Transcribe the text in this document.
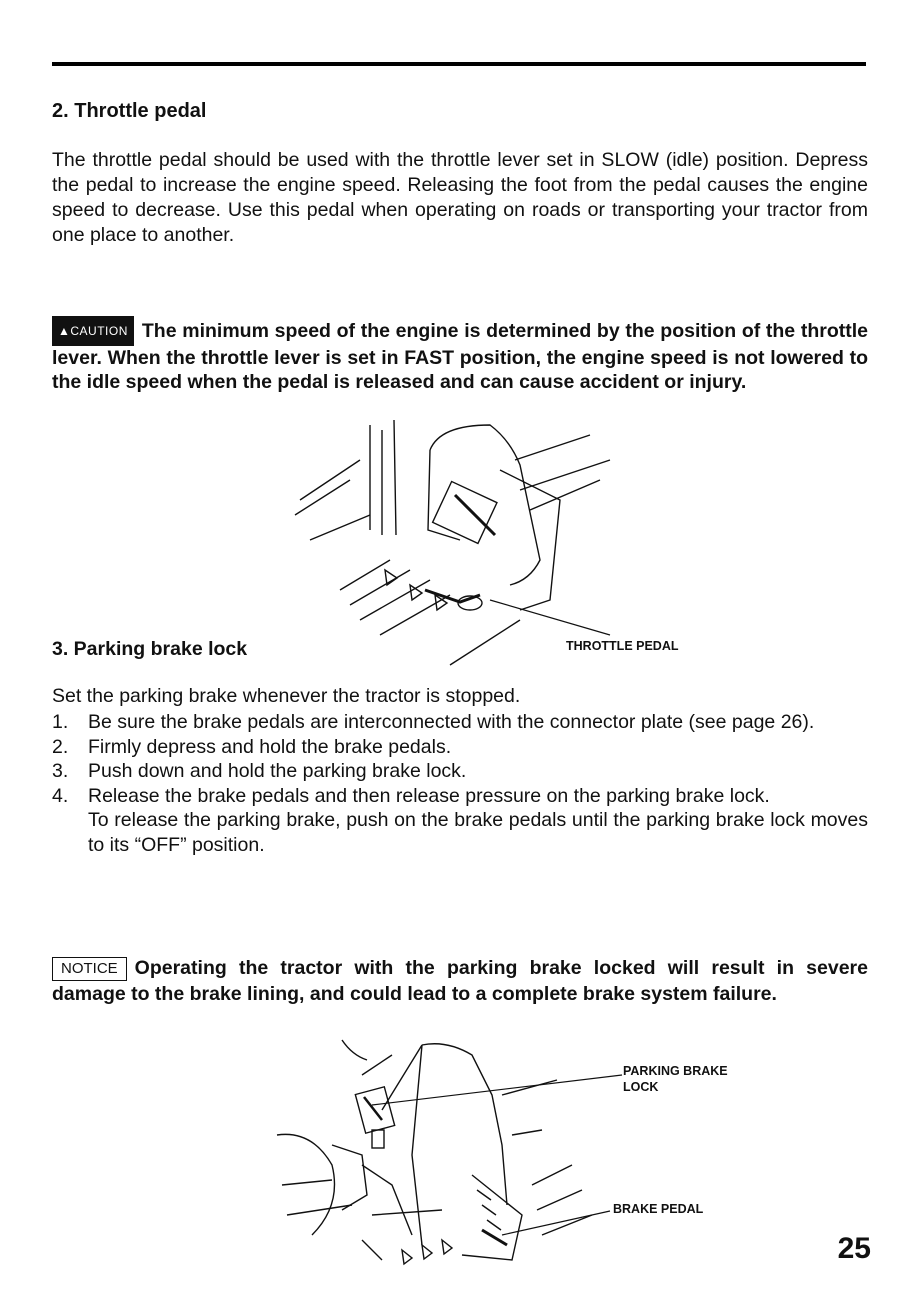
2. Throttle pedal

The throttle pedal should be used with the throttle lever set in SLOW (idle) position. Depress the pedal to increase the engine speed. Releasing the foot from the pedal causes the engine speed to decrease. Use this pedal when operating on roads or transporting your tractor from one place to another.

▲CAUTION The minimum speed of the engine is determined by the position of the throttle lever. When the throttle lever is set in FAST position, the engine speed is not lowered to the idle speed when the pedal is released and can cause accident or injury.

3. Parking brake lock	THROTTLE PEDAL

Set the parking brake whenever the tractor is stopped.

1. Be sure the brake pedals are interconnected with the connector plate (see page 26).
2. Firmly depress and hold the brake pedals.
3. Push down and hold the parking brake lock.
4. Release the brake pedals and then release pressure on the parking brake lock.
To release the parking brake, push on the brake pedals until the parking brake lock moves to its “OFF” position.

NOTICE Operating the tractor with the parking brake locked will result in severe damage to the brake lining, and could lead to a complete brake system failure.

PARKING BRAKE
LOCK
BRAKE PEDAL
25
